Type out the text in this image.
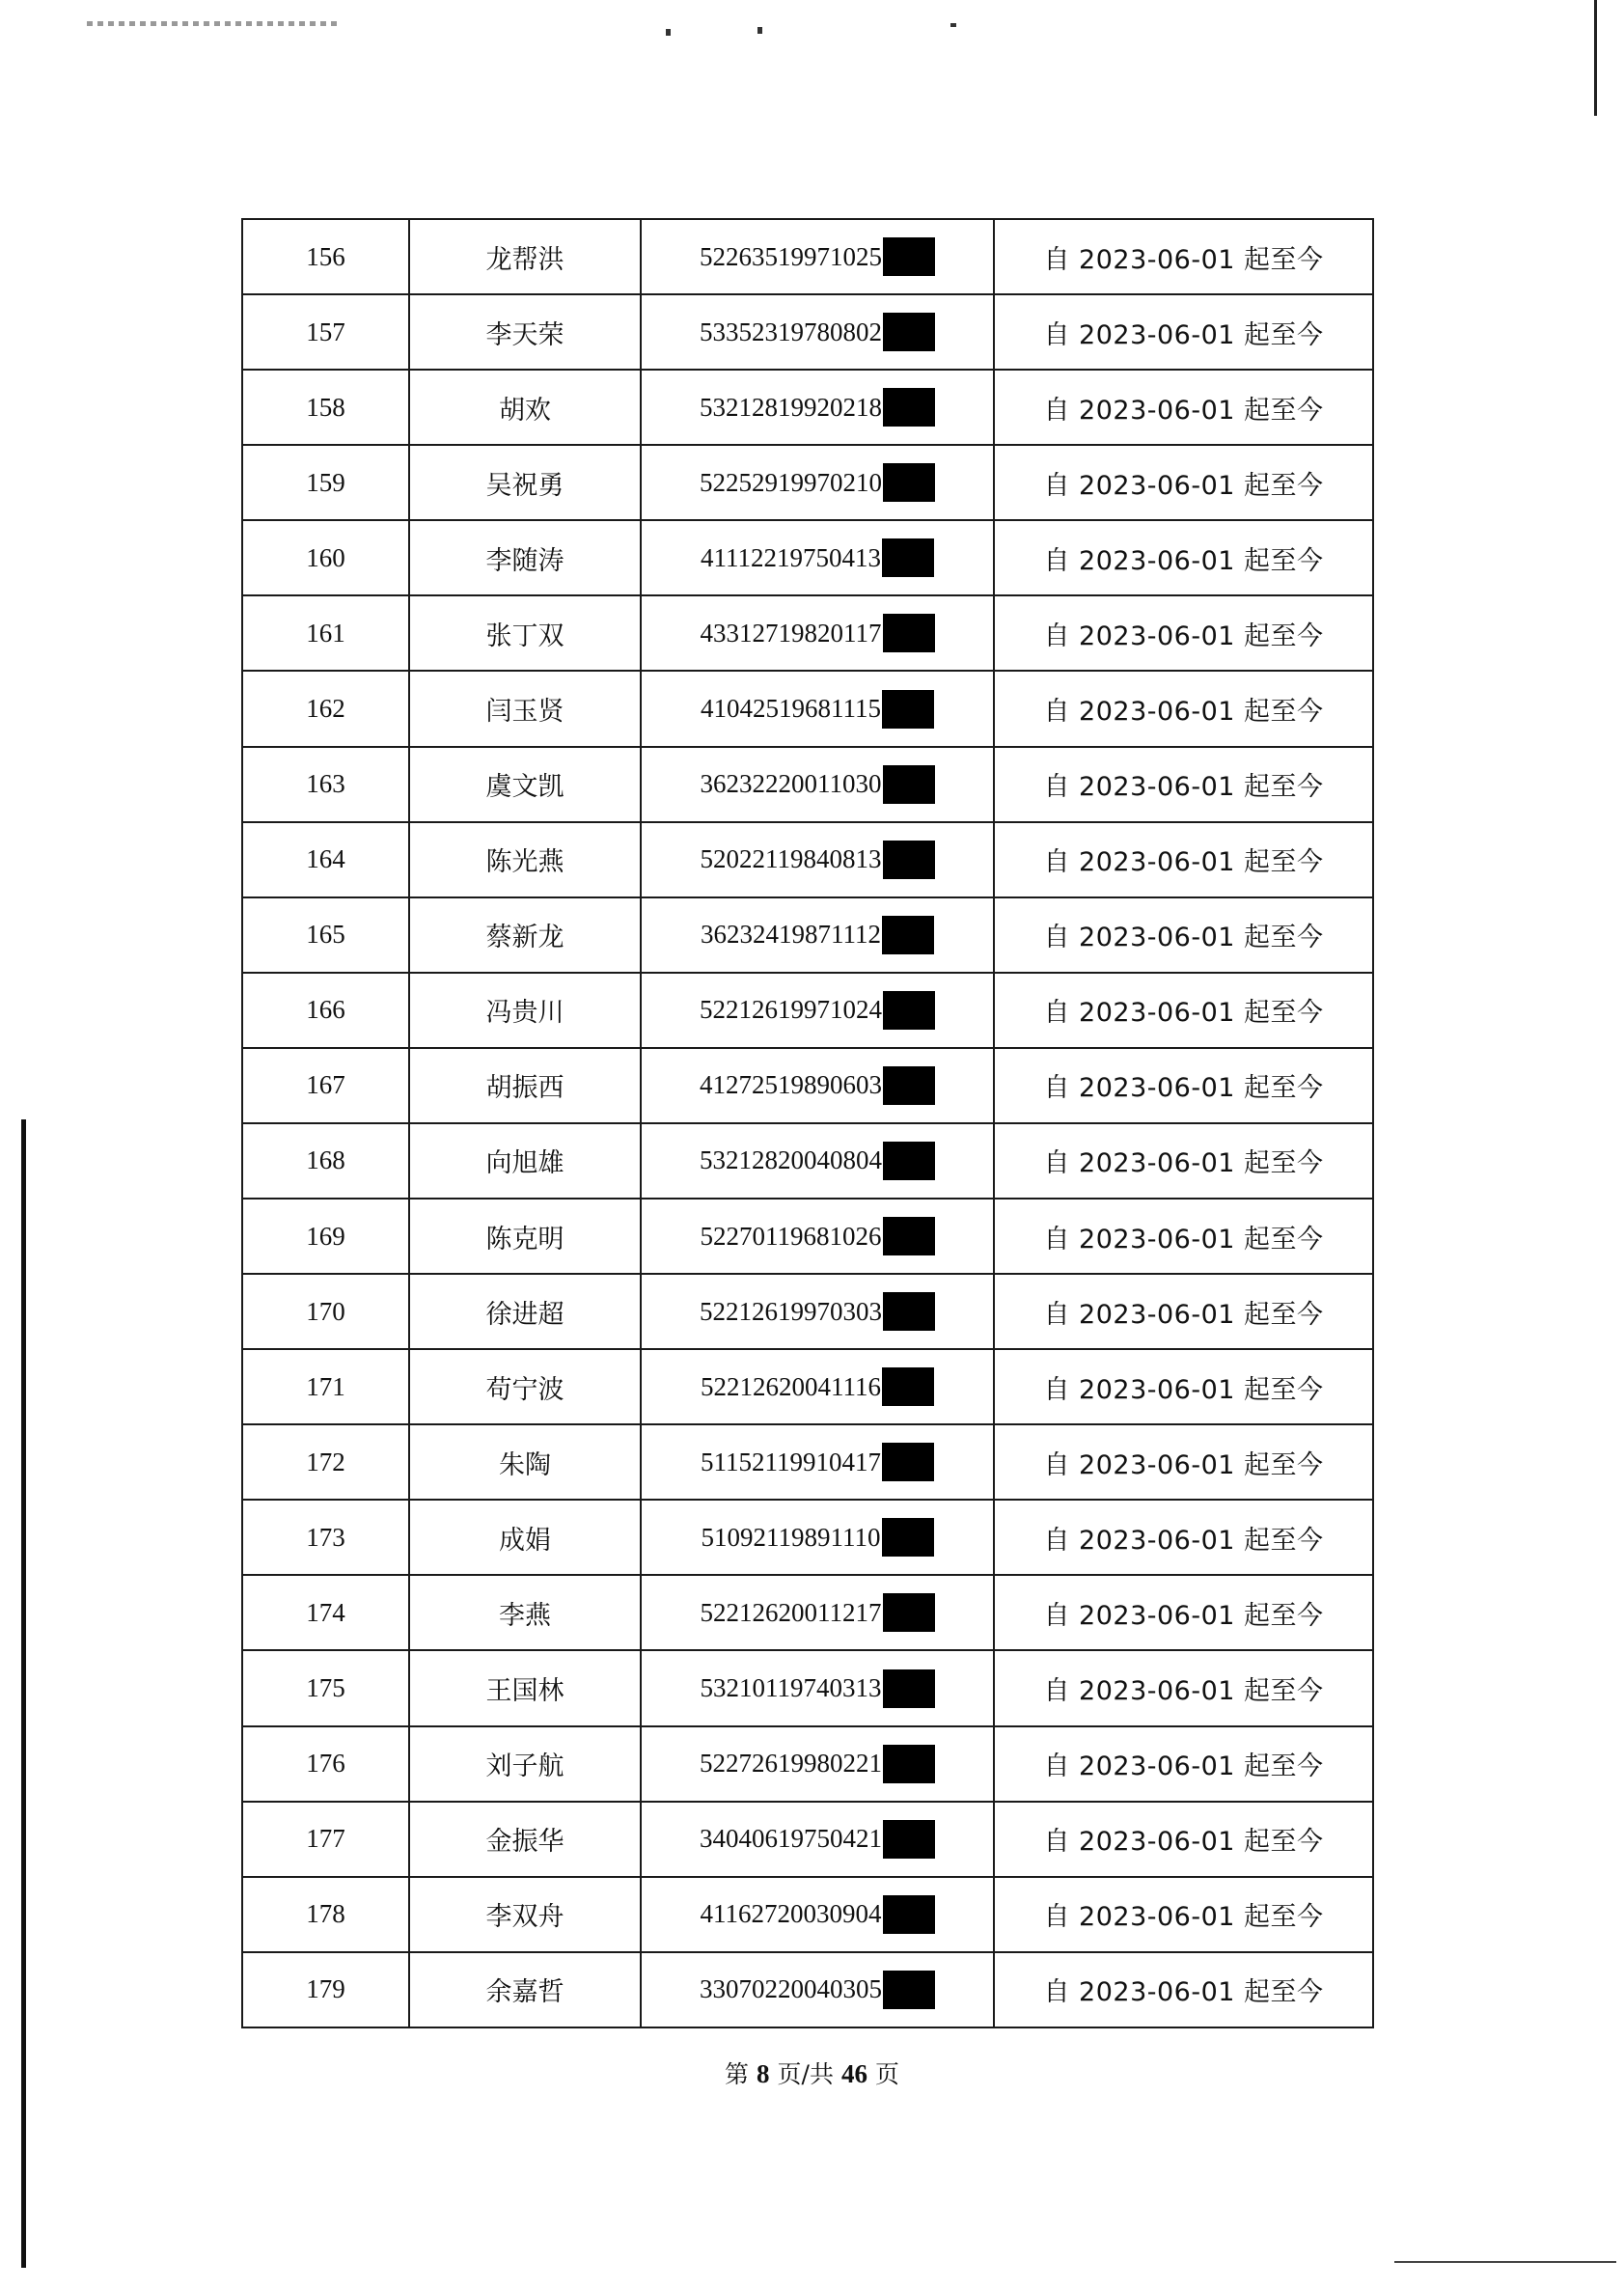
156	龙帮洪	52263519971025	自 2023-06-01 起至今
157	李天荣	53352319780802	自 2023-06-01 起至今
158	胡欢	53212819920218	自 2023-06-01 起至今
159	吴祝勇	52252919970210	自 2023-06-01 起至今
160	李随涛	41112219750413	自 2023-06-01 起至今
161	张丁双	43312719820117	自 2023-06-01 起至今
162	闫玉贤	41042519681115	自 2023-06-01 起至今
163	虞文凯	36232220011030	自 2023-06-01 起至今
164	陈光燕	52022119840813	自 2023-06-01 起至今
165	蔡新龙	36232419871112	自 2023-06-01 起至今
166	冯贵川	52212619971024	自 2023-06-01 起至今
167	胡振西	41272519890603	自 2023-06-01 起至今
168	向旭雄	53212820040804	自 2023-06-01 起至今
169	陈克明	52270119681026	自 2023-06-01 起至今
170	徐进超	52212619970303	自 2023-06-01 起至今
171	苟宁波	52212620041116	自 2023-06-01 起至今
172	朱陶	51152119910417	自 2023-06-01 起至今
173	成娟	51092119891110	自 2023-06-01 起至今
174	李燕	52212620011217	自 2023-06-01 起至今
175	王国林	53210119740313	自 2023-06-01 起至今
176	刘子航	52272619980221	自 2023-06-01 起至今
177	金振华	34040619750421	自 2023-06-01 起至今
178	李双舟	41162720030904	自 2023-06-01 起至今
179	余嘉哲	33070220040305	自 2023-06-01 起至今
第 8 页/共 46 页
